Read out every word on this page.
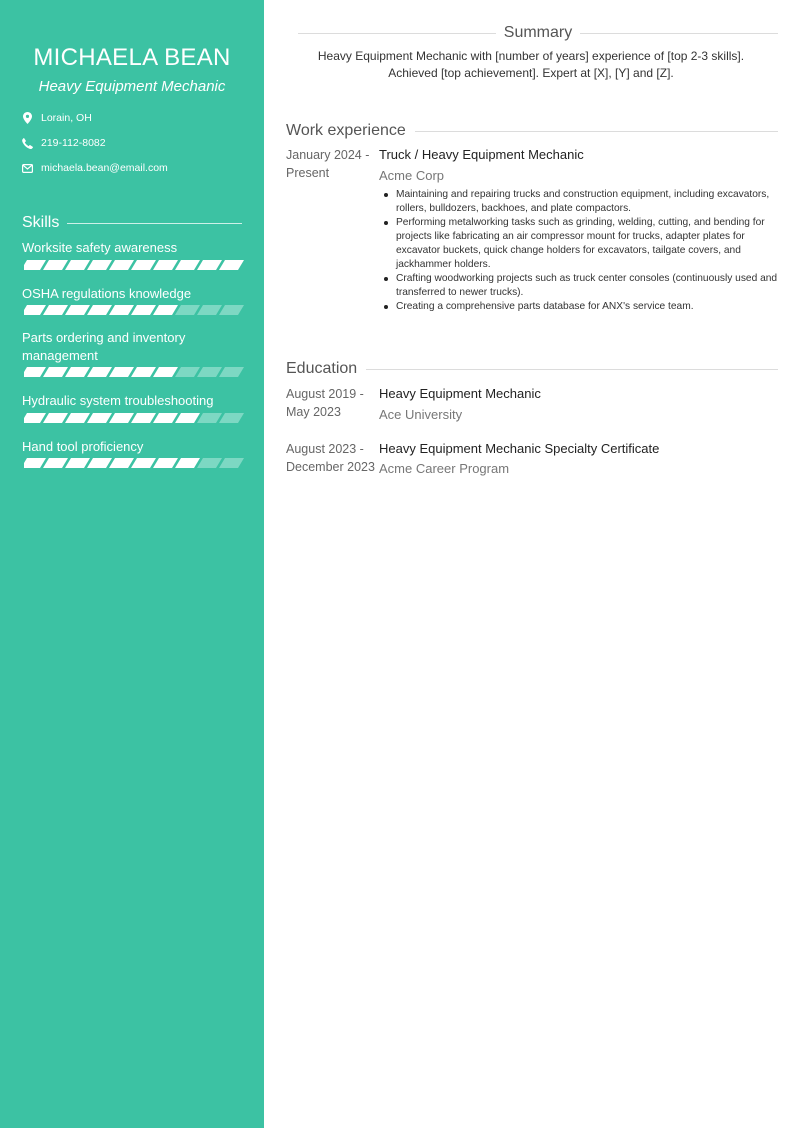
MICHAELA BEAN
Heavy Equipment Mechanic
Lorain, OH
219-112-8082
michaela.bean@email.com
Skills
Worksite safety awareness
OSHA regulations knowledge
Parts ordering and inventory management
Hydraulic system troubleshooting
Hand tool proficiency
Summary
Heavy Equipment Mechanic with [number of years] experience of [top 2-3 skills]. Achieved [top achievement]. Expert at [X], [Y] and [Z].
Work experience
January 2024 - Present
Truck / Heavy Equipment Mechanic
Acme Corp
Maintaining and repairing trucks and construction equipment, including excavators, rollers, bulldozers, backhoes, and plate compactors.
Performing metalworking tasks such as grinding, welding, cutting, and bending for projects like fabricating an air compressor mount for trucks, adapter plates for excavator buckets, quick change holders for excavators, tailgate covers, and jackhammer holders.
Crafting woodworking projects such as truck center consoles (continuously used and transferred to newer trucks).
Creating a comprehensive parts database for ANX's service team.
Education
August 2019 - May 2023
Heavy Equipment Mechanic
Ace University
August 2023 - December 2023
Heavy Equipment Mechanic Specialty Certificate
Acme Career Program
